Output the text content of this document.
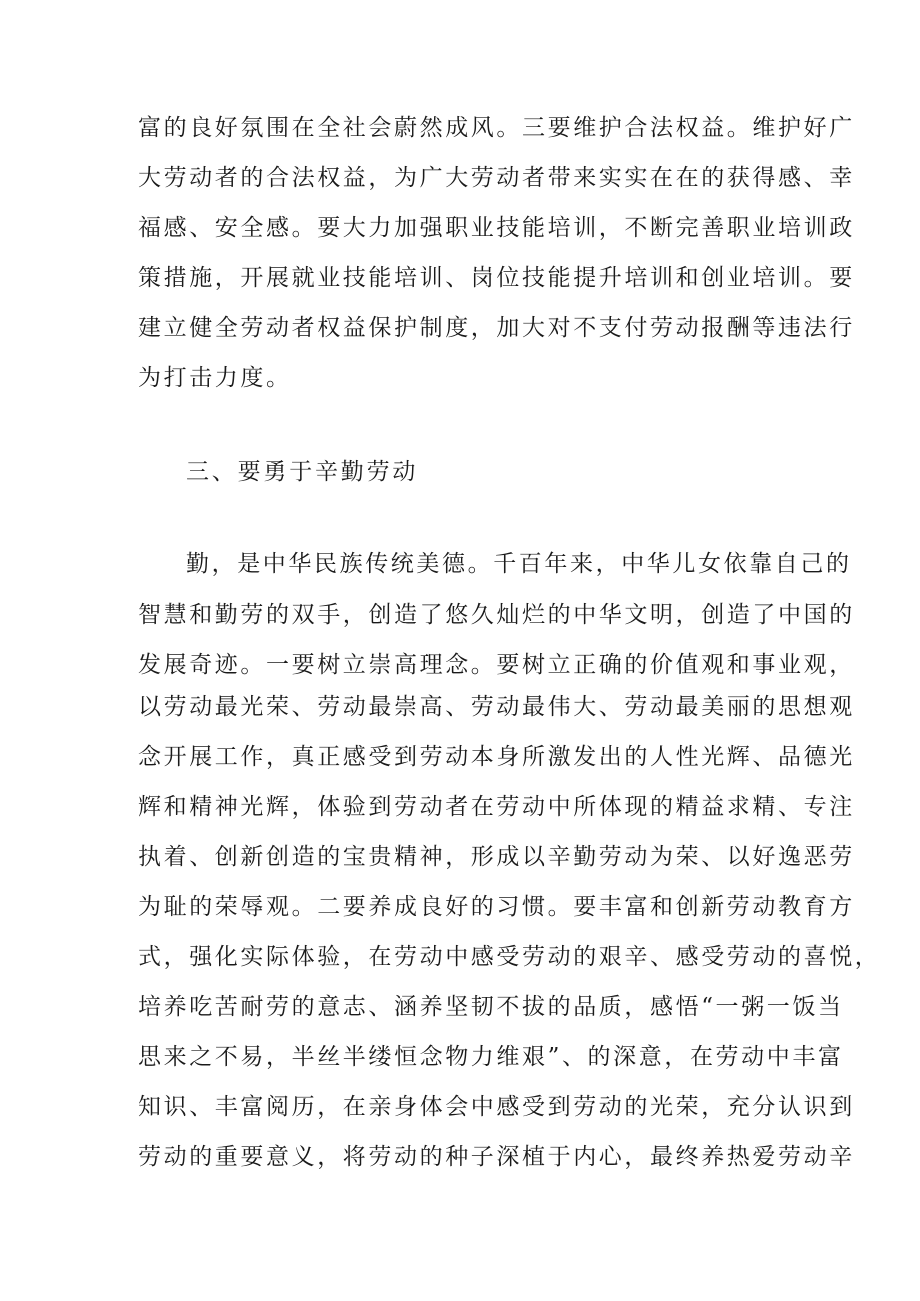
富的良好氛围在全社会蔚然成风。三要维护合法权益。维护好广
大劳动者的合法权益，为广大劳动者带来实实在在的获得感、幸
福感、安全感。要大力加强职业技能培训，不断完善职业培训政
策措施，开展就业技能培训、岗位技能提升培训和创业培训。要
建立健全劳动者权益保护制度，加大对不支付劳动报酬等违法行
为打击力度。
三、要勇于辛勤劳动
勤，是中华民族传统美德。千百年来，中华儿女依靠自己的
智慧和勤劳的双手，创造了悠久灿烂的中华文明，创造了中国的
发展奇迹。一要树立崇高理念。要树立正确的价值观和事业观，
以劳动最光荣、劳动最崇高、劳动最伟大、劳动最美丽的思想观
念开展工作，真正感受到劳动本身所激发出的人性光辉、品德光
辉和精神光辉，体验到劳动者在劳动中所体现的精益求精、专注
执着、创新创造的宝贵精神，形成以辛勤劳动为荣、以好逸恶劳
为耻的荣辱观。二要养成良好的习惯。要丰富和创新劳动教育方
式，强化实际体验，在劳动中感受劳动的艰辛、感受劳动的喜悦，
培养吃苦耐劳的意志、涵养坚韧不拔的品质，感悟“一粥一饭当
思来之不易，半丝半缕恒念物力维艰”、的深意，在劳动中丰富
知识、丰富阅历，在亲身体会中感受到劳动的光荣，充分认识到
劳动的重要意义，将劳动的种子深植于内心，最终养热爱劳动辛
